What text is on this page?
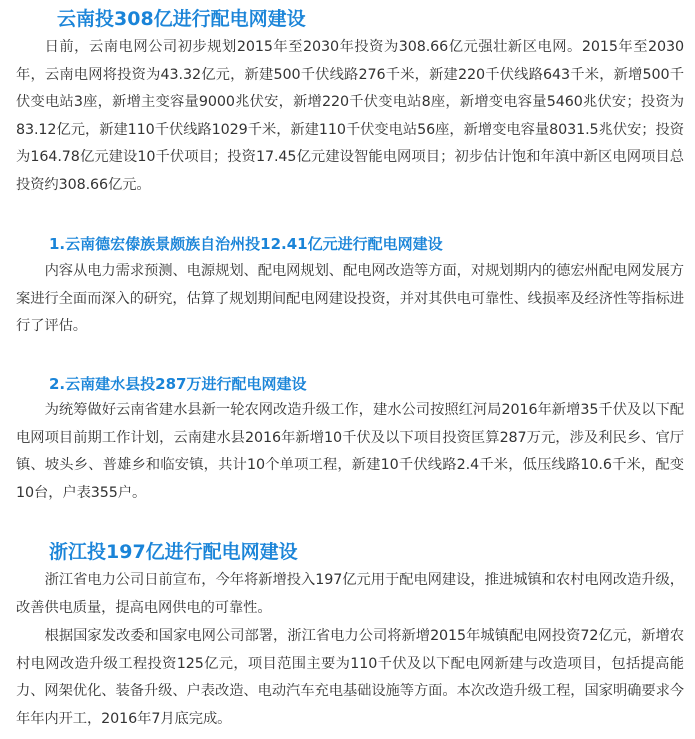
云南投308亿进行配电网建设

日前，云南电网公司初步规划2015年至2030年投资为308.66亿元强壮新区电网。2015年至2030年，云南电网将投资为43.32亿元，新建500千伏线路276千米，新建220千伏线路643千米，新增500千伏变电站3座，新增主变容量9000兆伏安，新增220千伏变电站8座，新增变电容量5460兆伏安；投资为83.12亿元，新建110千伏线路1029千米，新建110千伏变电站56座，新增变电容量8031.5兆伏安；投资为164.78亿元建设10千伏项目；投资17.45亿元建设智能电网项目；初步估计饱和年滇中新区电网项目总投资约308.66亿元。

1.云南德宏傣族景颇族自治州投12.41亿元进行配电网建设

内容从电力需求预测、电源规划、配电网规划、配电网改造等方面，对规划期内的德宏州配电网发展方案进行全面而深入的研究，估算了规划期间配电网建设投资，并对其供电可靠性、线损率及经济性等指标进行了评估。

2.云南建水县投287万进行配电网建设

为统筹做好云南省建水县新一轮农网改造升级工作，建水公司按照红河局2016年新增35千伏及以下配电网项目前期工作计划，云南建水县2016年新增10千伏及以下项目投资匡算287万元，涉及利民乡、官厅镇、坡头乡、普雄乡和临安镇，共计10个单项工程，新建10千伏线路2.4千米，低压线路10.6千米，配变10台，户表355户。

浙江投197亿进行配电网建设

浙江省电力公司日前宣布，今年将新增投入197亿元用于配电网建设，推进城镇和农村电网改造升级，改善供电质量，提高电网供电的可靠性。

根据国家发改委和国家电网公司部署，浙江省电力公司将新增2015年城镇配电网投资72亿元，新增农村电网改造升级工程投资125亿元，项目范围主要为110千伏及以下配电网新建与改造项目，包括提高能力、网架优化、装备升级、户表改造、电动汽车充电基础设施等方面。本次改造升级工程，国家明确要求今年年内开工，2016年7月底完成。
